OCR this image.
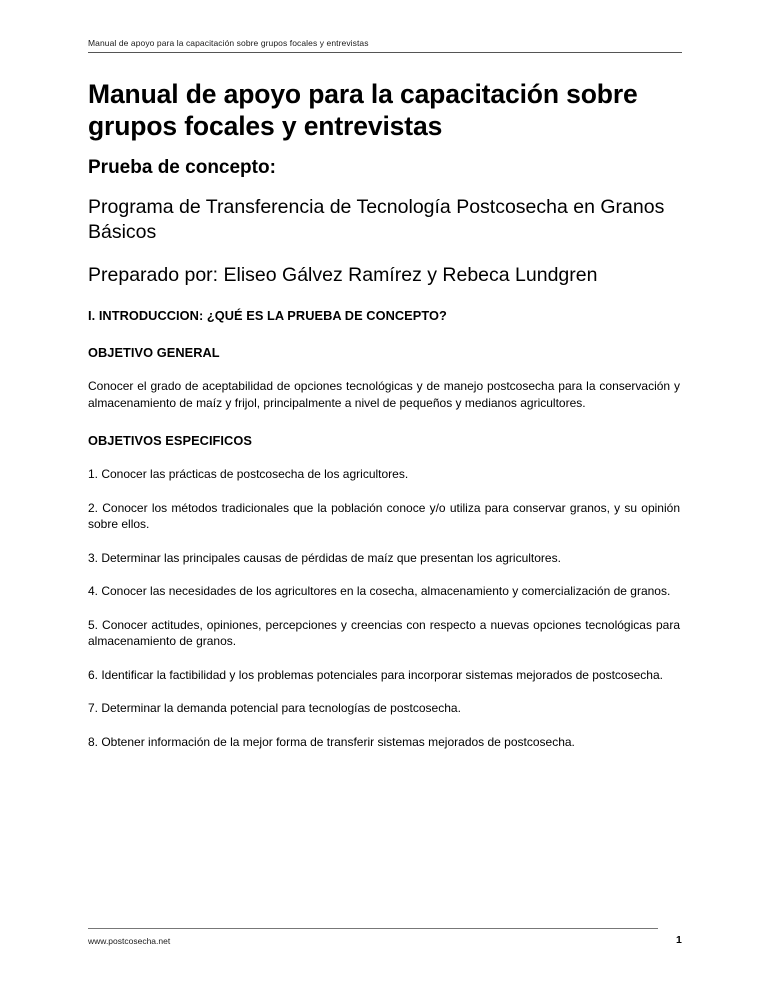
Manual de apoyo para la capacitación sobre grupos focales y entrevistas
Manual de apoyo para la capacitación sobre grupos focales y entrevistas
Prueba de concepto:

Programa de Transferencia de Tecnología Postcosecha en Granos Básicos

Preparado por: Eliseo Gálvez Ramírez y Rebeca Lundgren

I. INTRODUCCION: ¿QUÉ ES LA PRUEBA DE CONCEPTO?
OBJETIVO GENERAL

Conocer el grado de aceptabilidad de opciones tecnológicas y de manejo postcosecha para la conservación y almacenamiento de maíz y frijol, principalmente a nivel de pequeños y medianos agricultores.

OBJETIVOS ESPECIFICOS
1. Conocer las prácticas de postcosecha de los agricultores.
2. Conocer los métodos tradicionales que la población conoce y/o utiliza para conservar granos, y su opinión sobre ellos.
3. Determinar las principales causas de pérdidas de maíz que presentan los agricultores.
4. Conocer las necesidades de los agricultores en la cosecha, almacenamiento y comercialización de granos.
5. Conocer actitudes, opiniones, percepciones y creencias con respecto a nuevas opciones tecnológicas para almacenamiento de granos.
6. Identificar la factibilidad y los problemas potenciales para incorporar sistemas mejorados de postcosecha.
7. Determinar la demanda potencial para tecnologías de postcosecha.
8. Obtener información de la mejor forma de transferir sistemas mejorados de postcosecha.
www.postcosecha.net	1
